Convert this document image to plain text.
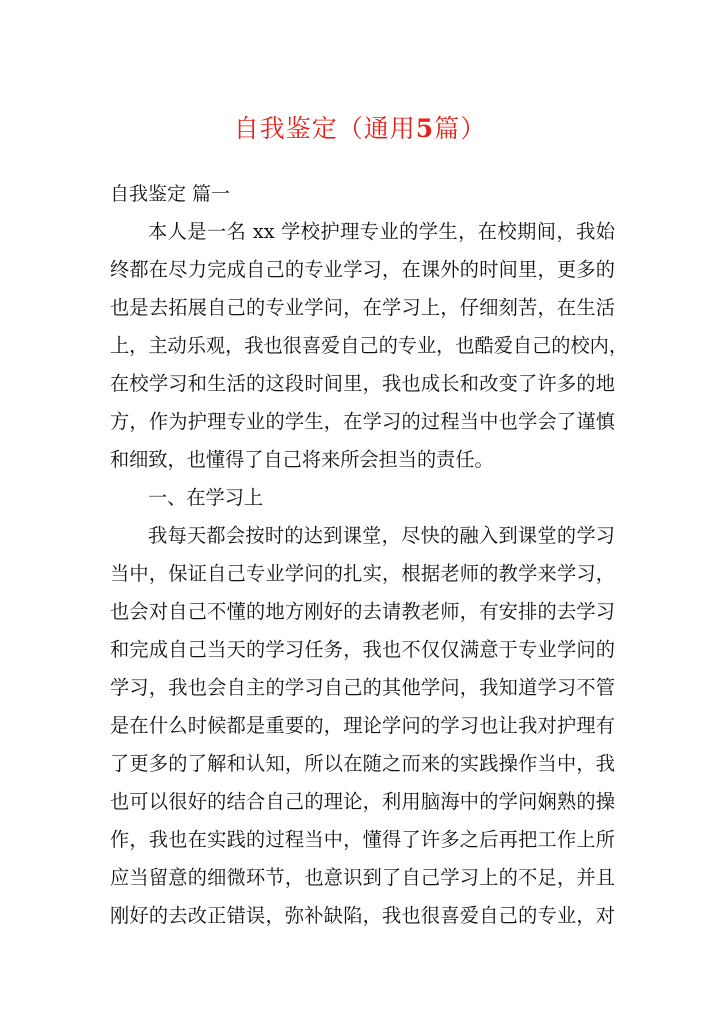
自我鉴定（通用5篇）
自我鉴定 篇一
本人是一名 xx 学校护理专业的学生，在校期间，我始
终都在尽力完成自己的专业学习，在课外的时间里，更多的
也是去拓展自己的专业学问，在学习上，仔细刻苦，在生活
上，主动乐观，我也很喜爱自己的专业，也酷爱自己的校内，
在校学习和生活的这段时间里，我也成长和改变了许多的地
方，作为护理专业的学生，在学习的过程当中也学会了谨慎
和细致，也懂得了自己将来所会担当的责任。
一、在学习上
我每天都会按时的达到课堂，尽快的融入到课堂的学习
当中，保证自己专业学问的扎实，根据老师的教学来学习，
也会对自己不懂的地方刚好的去请教老师，有安排的去学习
和完成自己当天的学习任务，我也不仅仅满意于专业学问的
学习，我也会自主的学习自己的其他学问，我知道学习不管
是在什么时候都是重要的，理论学问的学习也让我对护理有
了更多的了解和认知，所以在随之而来的实践操作当中，我
也可以很好的结合自己的理论，利用脑海中的学问娴熟的操
作，我也在实践的过程当中，懂得了许多之后再把工作上所
应当留意的细微环节，也意识到了自己学习上的不足，并且
刚好的去改正错误，弥补缺陷，我也很喜爱自己的专业，对
